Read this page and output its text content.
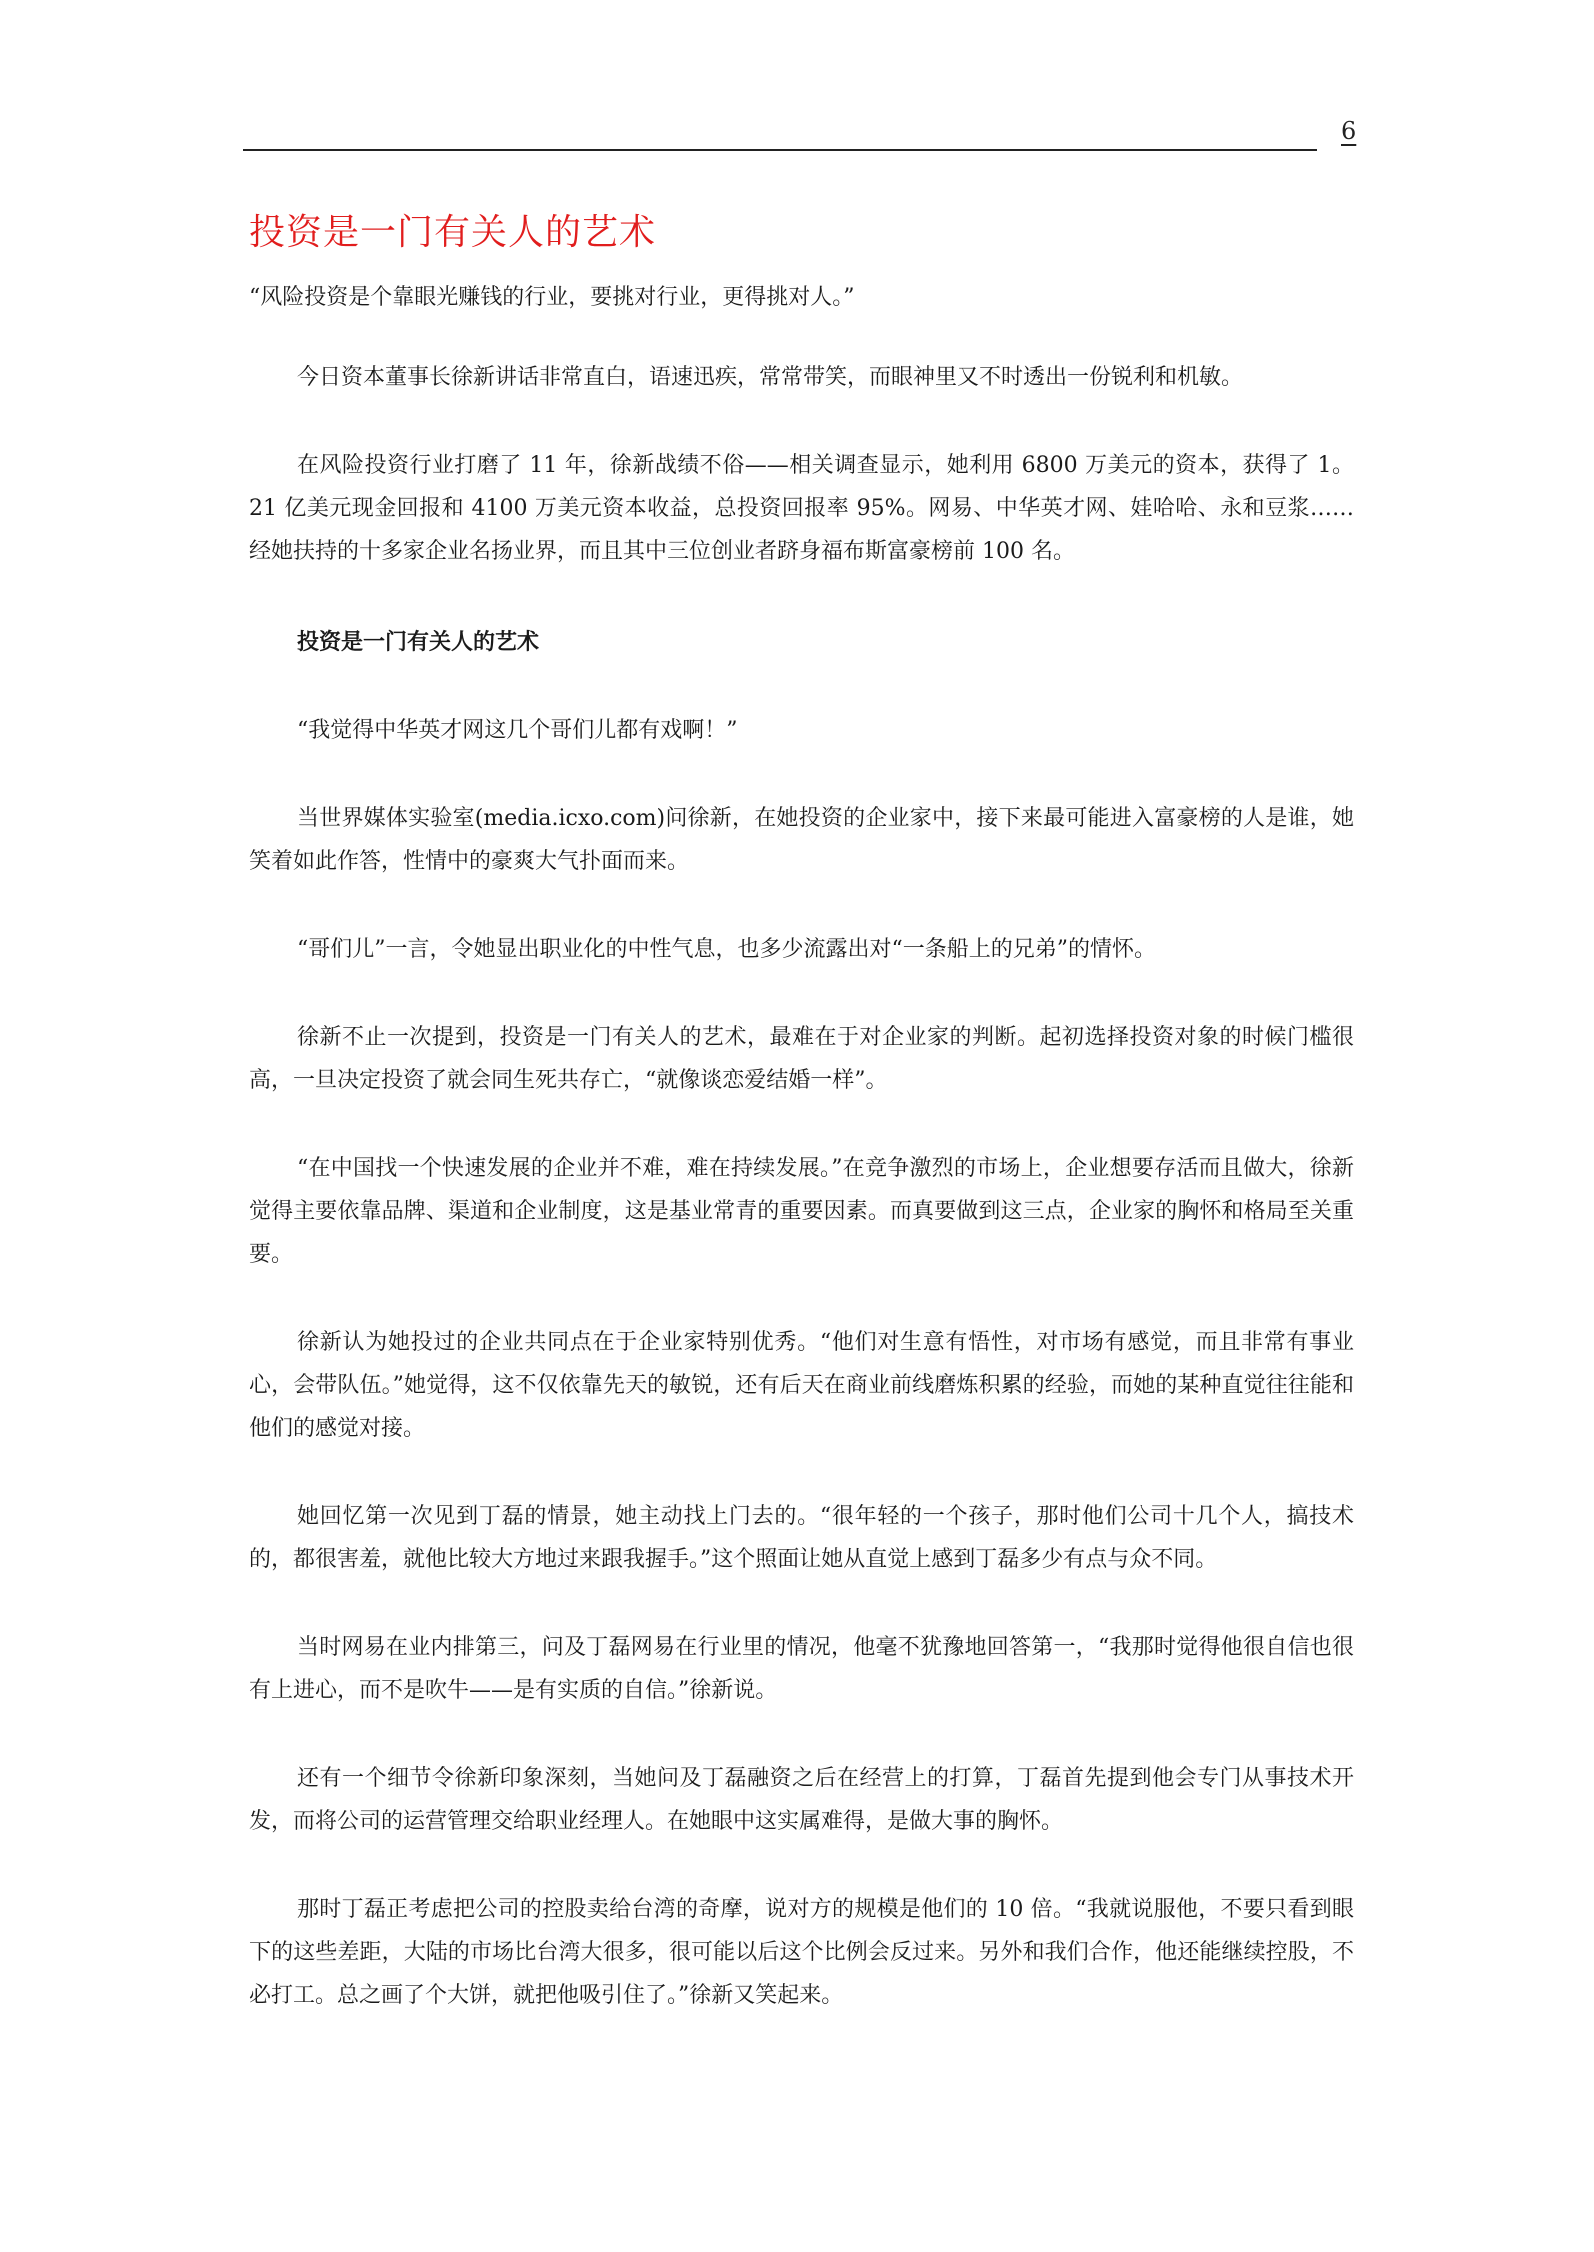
6
投资是一门有关人的艺术

“风险投资是个靠眼光赚钱的行业，要挑对行业，更得挑对人。”

今日资本董事长徐新讲话非常直白，语速迅疾，常常带笑，而眼神里又不时透出一份锐利和机敏。

在风险投资行业打磨了 11 年，徐新战绩不俗——相关调查显示，她利用 6800 万美元的资本，获得了 1。21 亿美元现金回报和 4100 万美元资本收益，总投资回报率 95%。网易、中华英才网、娃哈哈、永和豆浆……经她扶持的十多家企业名扬业界，而且其中三位创业者跻身福布斯富豪榜前 100 名。

投资是一门有关人的艺术

“我觉得中华英才网这几个哥们儿都有戏啊！”

当世界媒体实验室(media.icxo.com)问徐新，在她投资的企业家中，接下来最可能进入富豪榜的人是谁，她笑着如此作答，性情中的豪爽大气扑面而来。

“哥们儿”一言，令她显出职业化的中性气息，也多少流露出对“一条船上的兄弟”的情怀。

徐新不止一次提到，投资是一门有关人的艺术，最难在于对企业家的判断。起初选择投资对象的时候门槛很高，一旦决定投资了就会同生死共存亡，“就像谈恋爱结婚一样”。

“在中国找一个快速发展的企业并不难，难在持续发展。”在竞争激烈的市场上，企业想要存活而且做大，徐新觉得主要依靠品牌、渠道和企业制度，这是基业常青的重要因素。而真要做到这三点，企业家的胸怀和格局至关重要。

徐新认为她投过的企业共同点在于企业家特别优秀。“他们对生意有悟性，对市场有感觉，而且非常有事业心，会带队伍。”她觉得，这不仅依靠先天的敏锐，还有后天在商业前线磨炼积累的经验，而她的某种直觉往往能和他们的感觉对接。

她回忆第一次见到丁磊的情景，她主动找上门去的。“很年轻的一个孩子，那时他们公司十几个人，搞技术的，都很害羞，就他比较大方地过来跟我握手。”这个照面让她从直觉上感到丁磊多少有点与众不同。

当时网易在业内排第三，问及丁磊网易在行业里的情况，他毫不犹豫地回答第一，“我那时觉得他很自信也很有上进心，而不是吹牛——是有实质的自信。”徐新说。

还有一个细节令徐新印象深刻，当她问及丁磊融资之后在经营上的打算，丁磊首先提到他会专门从事技术开发，而将公司的运营管理交给职业经理人。在她眼中这实属难得，是做大事的胸怀。

那时丁磊正考虑把公司的控股卖给台湾的奇摩，说对方的规模是他们的 10 倍。“我就说服他，不要只看到眼下的这些差距，大陆的市场比台湾大很多，很可能以后这个比例会反过来。另外和我们合作，他还能继续控股，不必打工。总之画了个大饼，就把他吸引住了。”徐新又笑起来。
